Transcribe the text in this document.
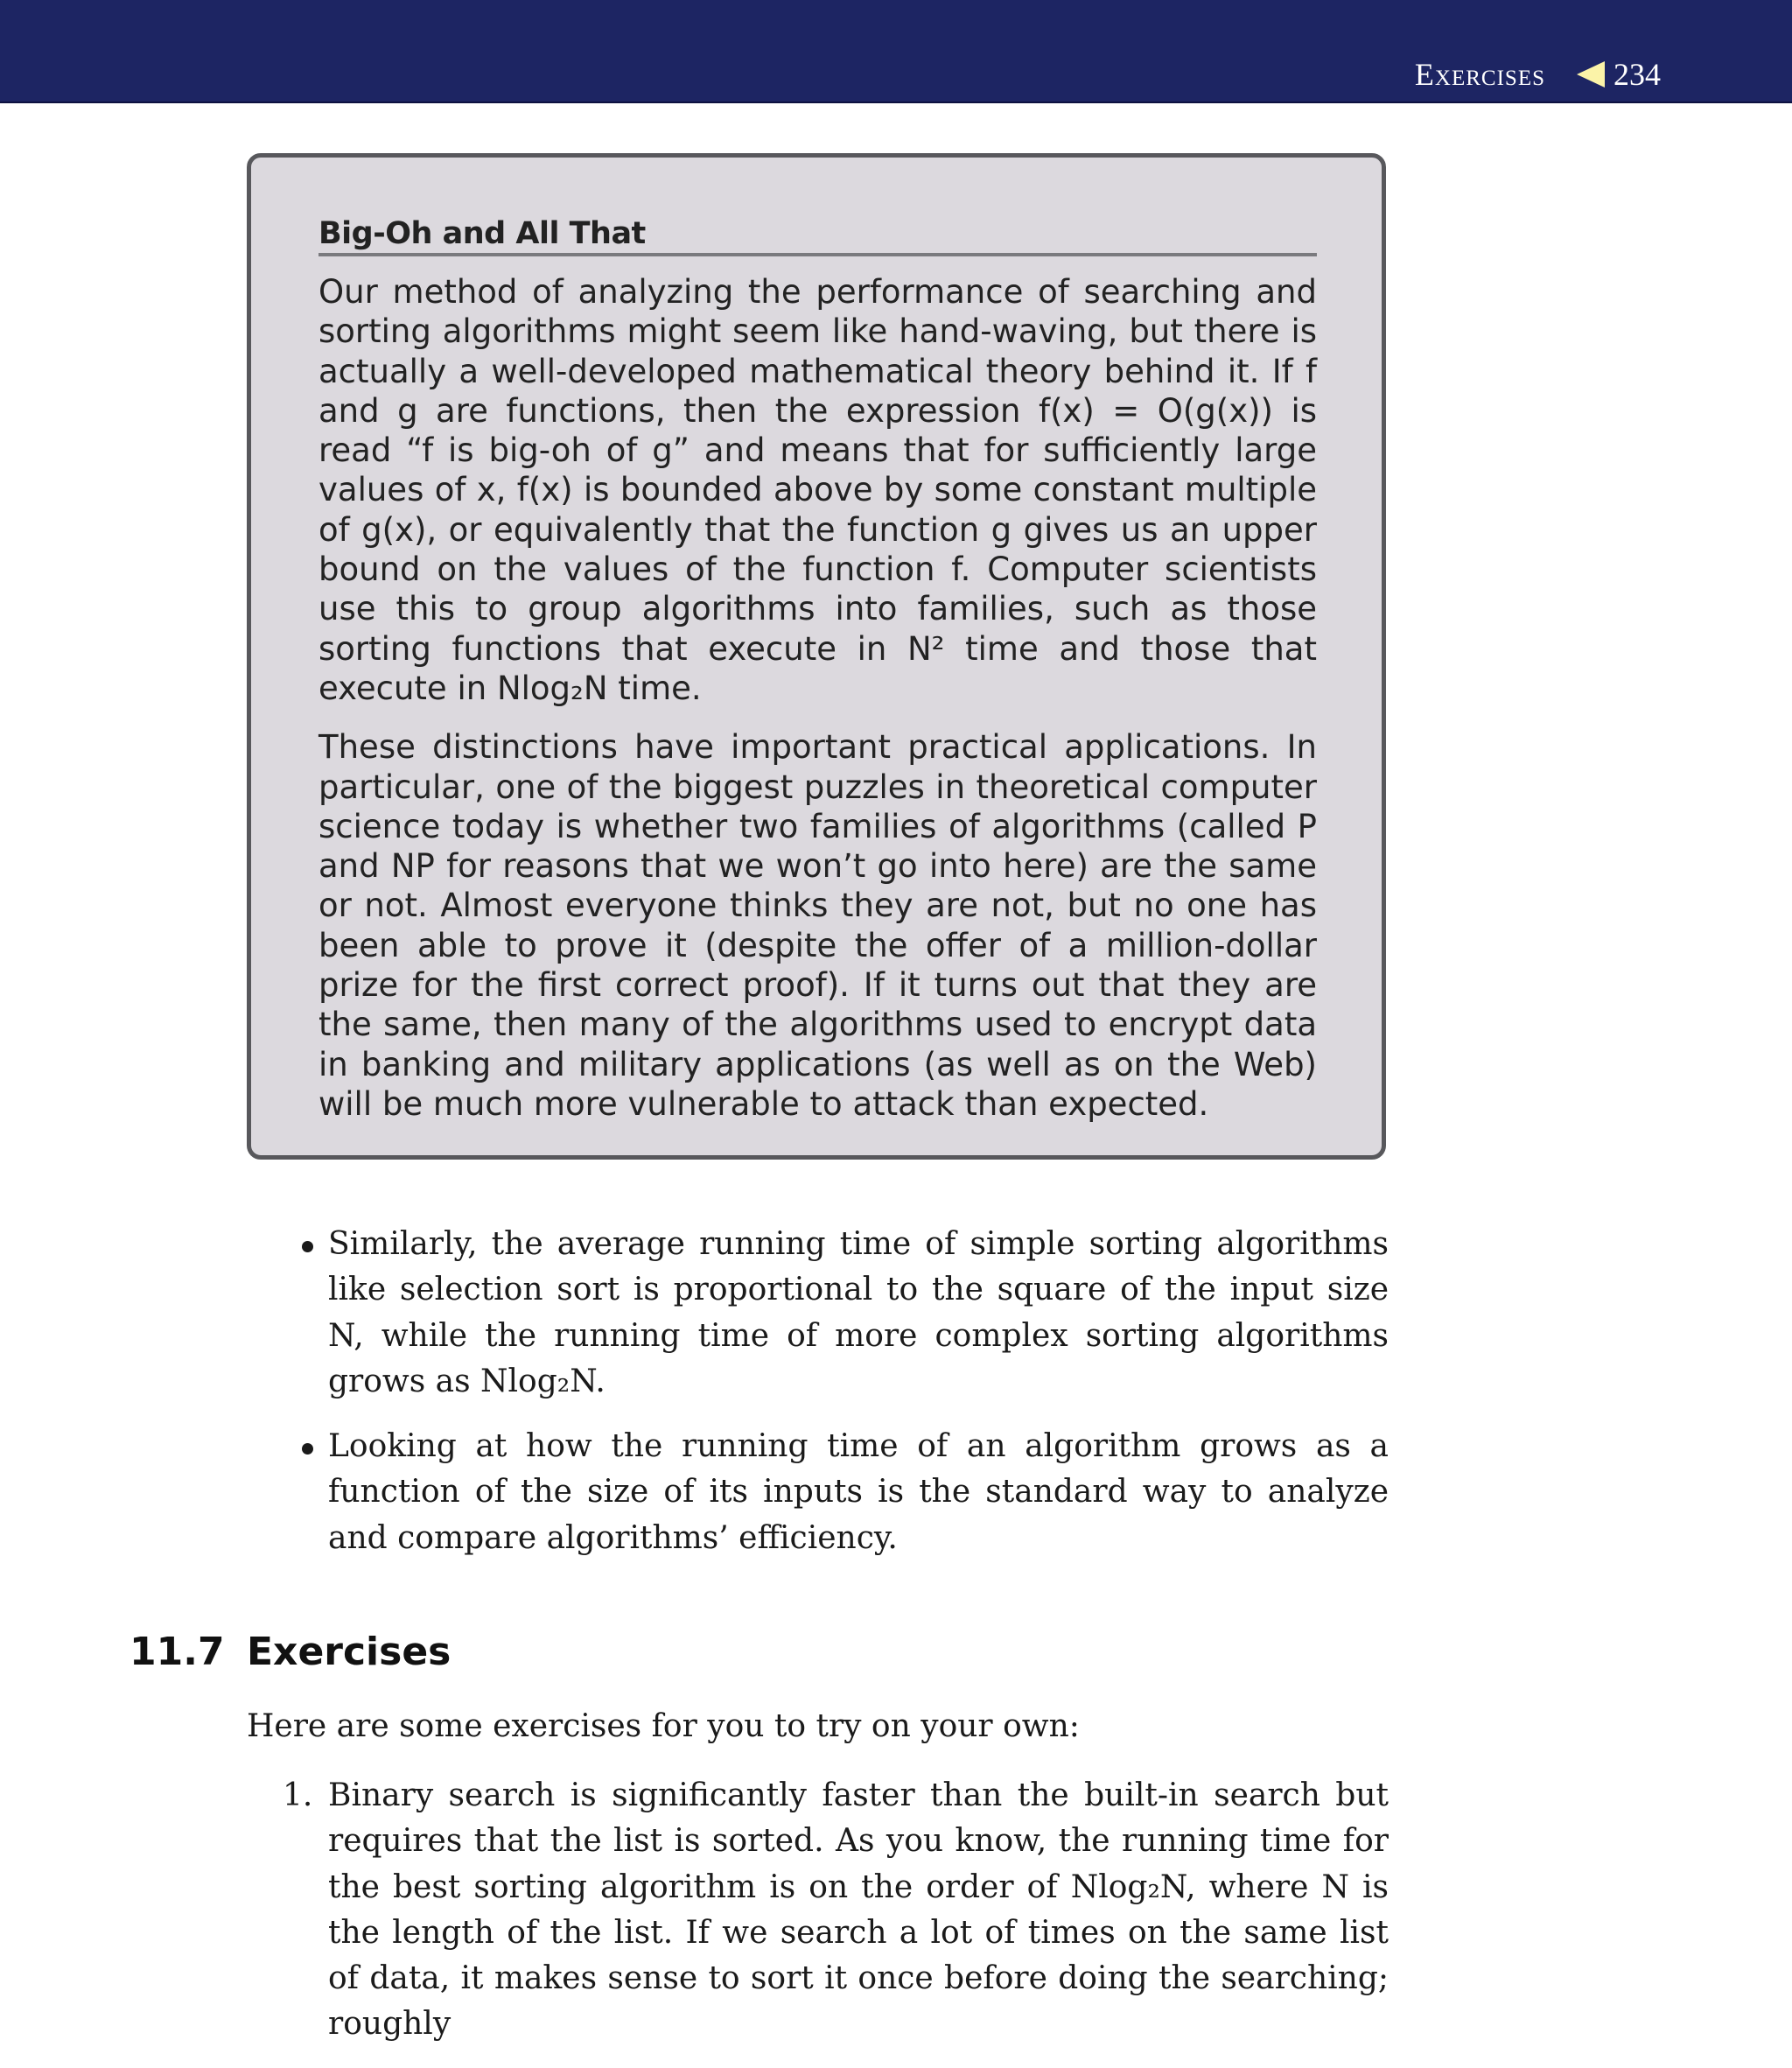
Exercises 234
Big-Oh and All That

Our method of analyzing the performance of searching and sorting algorithms might seem like hand-waving, but there is actually a well-developed mathematical theory behind it. If f and g are functions, then the expression f(x) = O(g(x)) is read “f is big-oh of g” and means that for sufficiently large values of x, f(x) is bounded above by some constant multiple of g(x), or equivalently that the function g gives us an upper bound on the values of the function f. Computer scientists use this to group algorithms into families, such as those sorting functions that execute in N² time and those that execute in Nlog₂N time.

These distinctions have important practical applications. In particular, one of the biggest puzzles in theoretical computer science today is whether two families of algorithms (called P and NP for reasons that we won’t go into here) are the same or not. Almost everyone thinks they are not, but no one has been able to prove it (despite the offer of a million-dollar prize for the first correct proof). If it turns out that they are the same, then many of the algorithms used to encrypt data in banking and military applications (as well as on the Web) will be much more vulnerable to attack than expected.

Similarly, the average running time of simple sorting algorithms like selection sort is proportional to the square of the input size N, while the running time of more complex sorting algorithms grows as Nlog₂N.
Looking at how the running time of an algorithm grows as a function of the size of its inputs is the standard way to analyze and compare algorithms’ efficiency.
11.7 Exercises
Here are some exercises for you to try on your own:
1. Binary search is significantly faster than the built-in search but requires that the list is sorted. As you know, the running time for the best sorting algorithm is on the order of Nlog₂N, where N is the length of the list. If we search a lot of times on the same list of data, it makes sense to sort it once before doing the searching; roughly
